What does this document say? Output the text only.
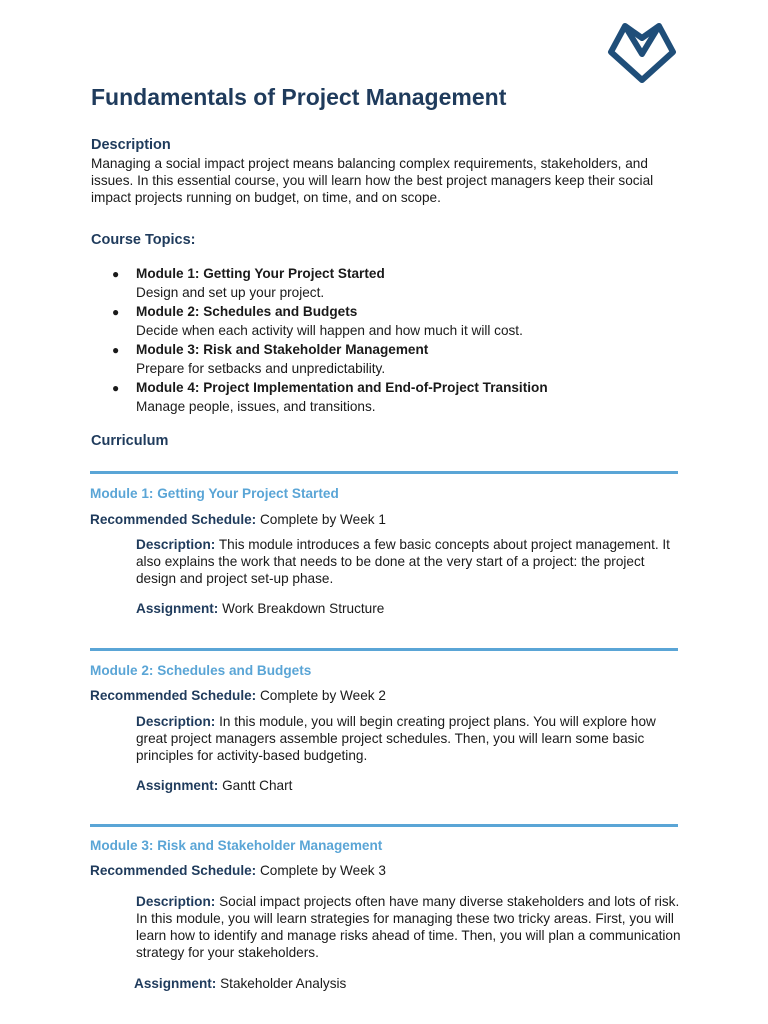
Fundamentals of Project Management
Description

Managing a social impact project means balancing complex requirements, stakeholders, and issues. In this essential course, you will learn how the best project managers keep their social impact projects running on budget, on time, and on scope.

Course Topics:
● Module 1: Getting Your Project Started
Design and set up your project.
● Module 2: Schedules and Budgets
Decide when each activity will happen and how much it will cost.
● Module 3: Risk and Stakeholder Management
Prepare for setbacks and unpredictability.
● Module 4: Project Implementation and End-of-Project Transition
Manage people, issues, and transitions.
Curriculum

Module 1: Getting Your Project Started

Recommended Schedule: Complete by Week 1

Description: This module introduces a few basic concepts about project management. It also explains the work that needs to be done at the very start of a project: the project design and project set-up phase.

Assignment: Work Breakdown Structure

Module 2: Schedules and Budgets

Recommended Schedule: Complete by Week 2

Description: In this module, you will begin creating project plans. You will explore how great project managers assemble project schedules. Then, you will learn some basic principles for activity-based budgeting.

Assignment: Gantt Chart

Module 3: Risk and Stakeholder Management

Recommended Schedule: Complete by Week 3

Description: Social impact projects often have many diverse stakeholders and lots of risk. In this module, you will learn strategies for managing these two tricky areas. First, you will learn how to identify and manage risks ahead of time. Then, you will plan a communication strategy for your stakeholders.

Assignment: Stakeholder Analysis
